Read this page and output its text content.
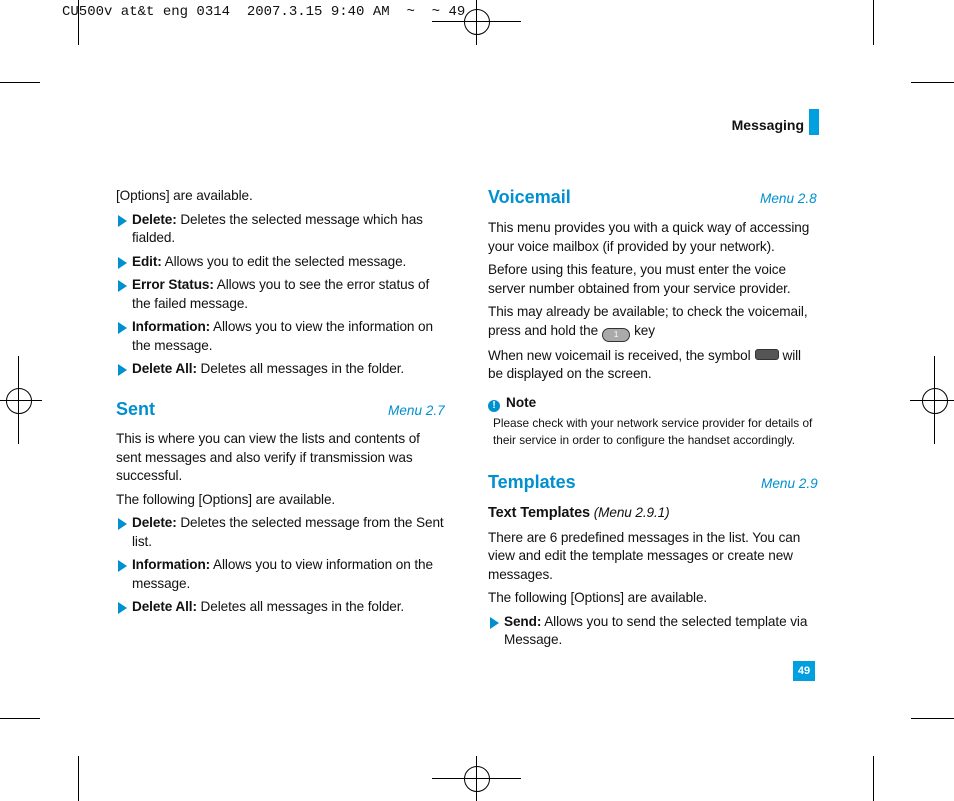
CU500v at&t eng 0314  2007.3.15 9:40 AM  ~  ~ 49
Messaging

[Options] are available.

Delete: Deletes the selected message which has fialded.

Edit: Allows you to edit the selected message.

Error Status: Allows you to see the error status of the failed message.

Information: Allows you to view the information on the message.

Delete All: Deletes all messages in the folder.

Sent	Menu 2.7

This is where you can view the lists and contents of sent messages and also verify if transmission was successful.

The following [Options] are available.

Delete: Deletes the selected message from the Sent list.

Information: Allows you to view information on the message.

Delete All: Deletes all messages in the folder.

Voicemail	Menu 2.8

This menu provides you with a quick way of accessing your voice mailbox (if provided by your network).

Before using this feature, you must enter the voice server number obtained from your service provider.

This may already be available; to check the voicemail, press and hold the 1 key

When new voicemail is received, the symbol will be displayed on the screen.

! Note
Please check with your network service provider for details of their service in order to configure the handset accordingly.
Templates	Menu 2.9

Text Templates (Menu 2.9.1)

There are 6 predefined messages in the list. You can view and edit the template messages or create new messages.

The following [Options] are available.

Send: Allows you to send the selected template via Message.

49
